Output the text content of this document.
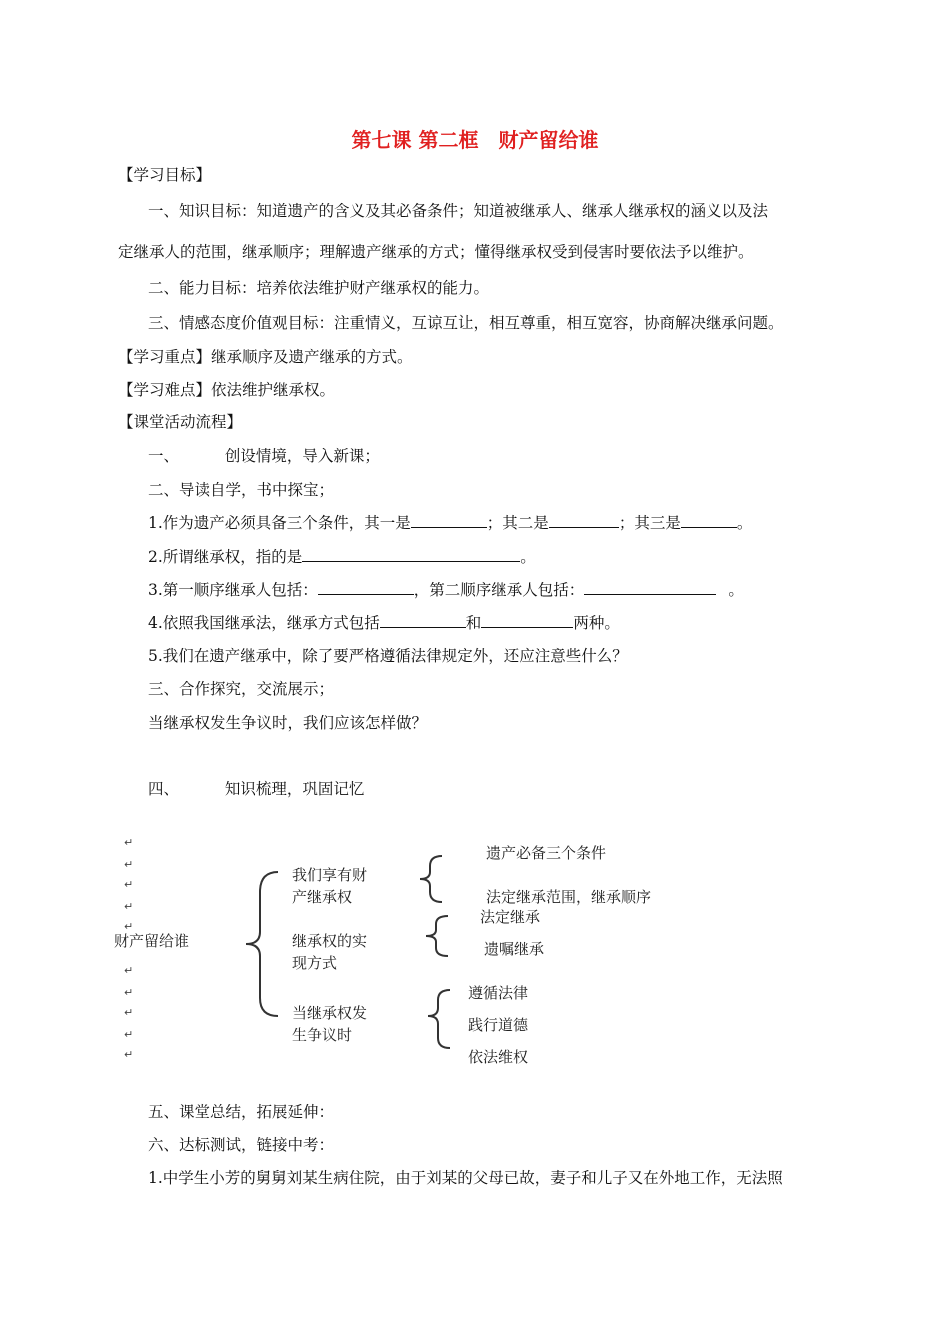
第七课 第二框　财产留给谁
【学习目标】
一、知识目标：知道遗产的含义及其必备条件；知道被继承人、继承人继承权的涵义以及法
定继承人的范围，继承顺序；理解遗产继承的方式；懂得继承权受到侵害时要依法予以维护。
二、能力目标：培养依法维护财产继承权的能力。
三、情感态度价值观目标：注重情义，互谅互让，相互尊重，相互宽容，协商解决继承问题。
【学习重点】继承顺序及遗产继承的方式。
【学习难点】依法维护继承权。
【课堂活动流程】
一、	创设情境，导入新课；
二、导读自学，书中探宝；
1.作为遗产必须具备三个条件，其一是	；其二是	；其三是	。
2.所谓继承权，指的是	。
3.第一顺序继承人包括：	，第二顺序继承人包括：	。
4.依照我国继承法，继承方式包括	和	两种。
5.我们在遗产继承中，除了要严格遵循法律规定外，还应注意些什么？
三、合作探究，交流展示；
当继承权发生争议时，我们应该怎样做？
四、	知识梳理，巩固记忆
↵
↵
↵
↵
↵
↵
↵
↵
↵
↵
财产留给谁
我们享有财
产继承权
遗产必备三个条件
法定继承范围，继承顺序
继承权的实
现方式
法定继承
遗嘱继承
当继承权发
生争议时
遵循法律
践行道德
依法维权
五、课堂总结，拓展延伸：
六、达标测试，链接中考：
1.中学生小芳的舅舅刘某生病住院，由于刘某的父母已故，妻子和儿子又在外地工作，无法照
